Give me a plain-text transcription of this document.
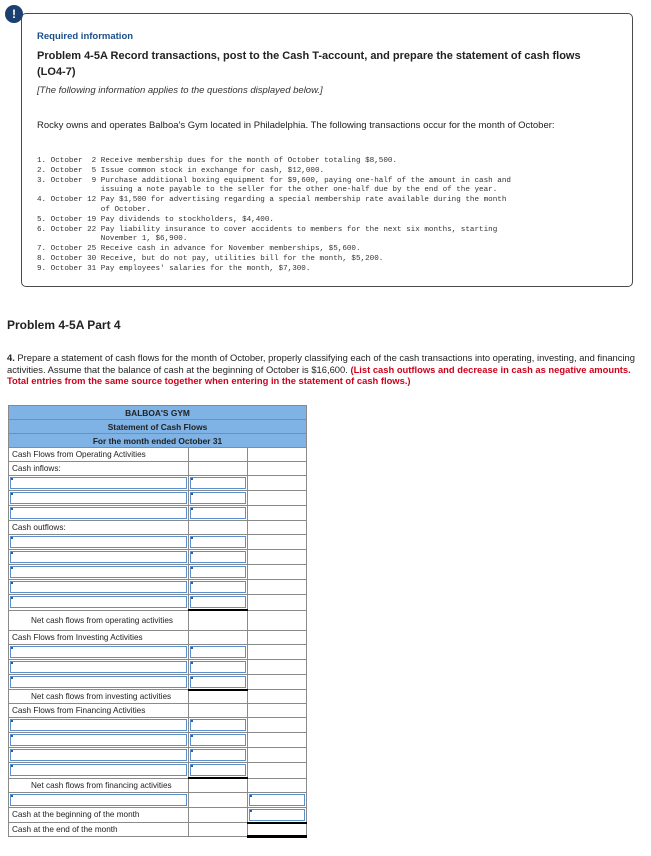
!
Required information
Problem 4-5A Record transactions, post to the Cash T-account, and prepare the statement of cash flows (LO4-7)
[The following information applies to the questions displayed below.]
Rocky owns and operates Balboa's Gym located in Philadelphia. The following transactions occur for the month of October:
1. October  2 Receive membership dues for the month of October totaling $8,500.
2. October  5 Issue common stock in exchange for cash, $12,000.
3. October  9 Purchase additional boxing equipment for $9,600, paying one-half of the amount in cash and
issuing a note payable to the seller for the other one-half due by the end of the year.
4. October 12 Pay $1,500 for advertising regarding a special membership rate available during the month
of October.
5. October 19 Pay dividends to stockholders, $4,400.
6. October 22 Pay liability insurance to cover accidents to members for the next six months, starting
November 1, $6,900.
7. October 25 Receive cash in advance for November memberships, $5,600.
8. October 30 Receive, but do not pay, utilities bill for the month, $5,200.
9. October 31 Pay employees' salaries for the month, $7,300.
Problem 4-5A Part 4
4. Prepare a statement of cash flows for the month of October, properly classifying each of the cash transactions into operating, investing, and financing activities. Assume that the balance of cash at the beginning of October is $16,600. (List cash outflows and decrease in cash as negative amounts. Total entries from the same source together when entering in the statement of cash flows.)
BALBOA'S GYM		
Statement of Cash Flows		
For the month ended October 31		
Cash Flows from Operating Activities		
Cash inflows:		

Cash outflows:		

Net cash flows from operating activities		
Cash Flows from Investing Activities		

Net cash flows from investing activities		
Cash Flows from Financing Activities		

Net cash flows from financing activities		

Cash at the beginning of the month		

Cash at the end of the month		
